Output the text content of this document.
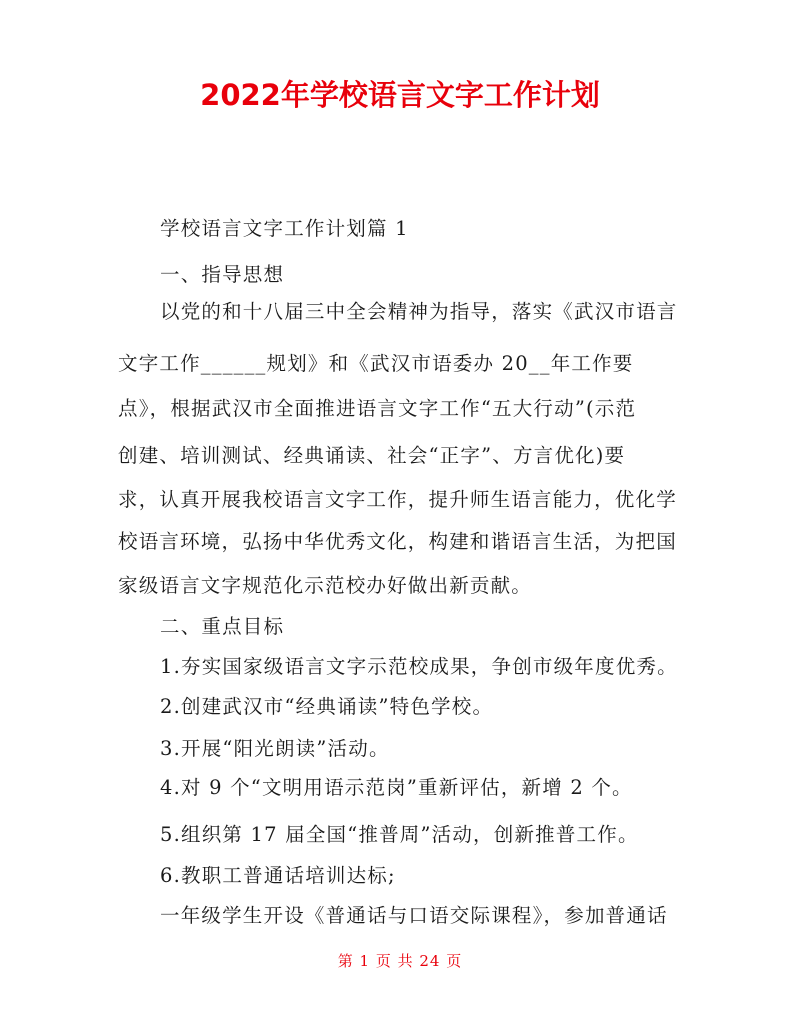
2022年学校语言文字工作计划
学校语言文字工作计划篇 1
一、指导思想
以党的和十八届三中全会精神为指导，落实《武汉市语言
文字工作______规划》和《武汉市语委办 20__年工作要
点》，根据武汉市全面推进语言文字工作“五大行动”(示范
创建、培训测试、经典诵读、社会“正字”、方言优化)要
求，认真开展我校语言文字工作，提升师生语言能力，优化学
校语言环境，弘扬中华优秀文化，构建和谐语言生活，为把国
家级语言文字规范化示范校办好做出新贡献。
二、重点目标
1.夯实国家级语言文字示范校成果，争创市级年度优秀。
2.创建武汉市“经典诵读”特色学校。
3.开展“阳光朗读”活动。
4.对 9 个“文明用语示范岗”重新评估，新增 2 个。
5.组织第 17 届全国“推普周”活动，创新推普工作。
6.教职工普通话培训达标;
一年级学生开设《普通话与口语交际课程》，参加普通话
第 1 页 共 24 页
